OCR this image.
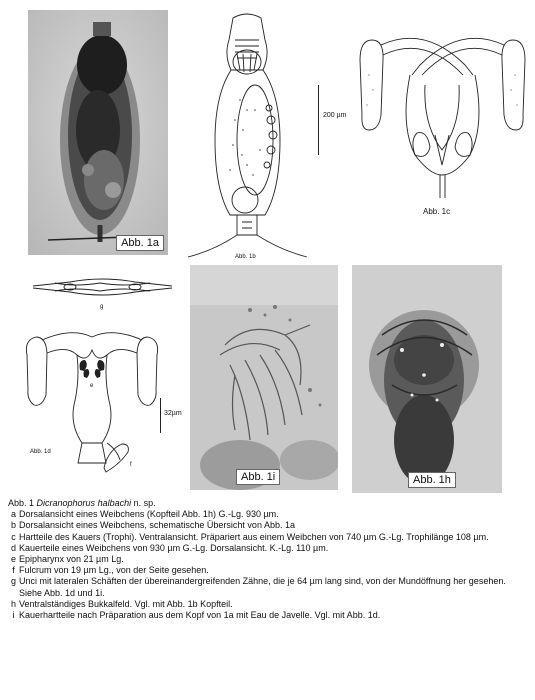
Abb. 1a
Abb. 1b
200 µm
Abb. 1c
g
e
Abb. 1d
f
32µm
Abb. 1i	Abb. 1h
Abb. 1 Dicranophorus halbachi n. sp.
a Dorsalansicht eines Weibchens (Kopfteil Abb. 1h) G.-Lg. 930 µm.
b Dorsalansicht eines Weibchens, schematische Übersicht von Abb. 1a
c Hartteile des Kauers (Trophi). Ventralansicht. Präpariert aus einem Weibchen von 740 µm G.-Lg. Trophilänge 108 µm.
d Kauerteile eines Weibchens von 930 µm G.-Lg. Dorsalansicht. K.-Lg. 110 µm.
e Epipharynx von 21 µm Lg.
f Fulcrum von 19 µm Lg., von der Seite gesehen.
g Unci mit lateralen Schäften der übereinandergreifenden Zähne, die je 64 µm lang sind, von der Mundöffnung her gesehen. Siehe Abb. 1d und 1i.
h Ventralständiges Bukkalfeld. Vgl. mit Abb. 1b Kopfteil.
i Kauerhartteile nach Präparation aus dem Kopf von 1a mit Eau de Javelle. Vgl. mit Abb. 1d.
